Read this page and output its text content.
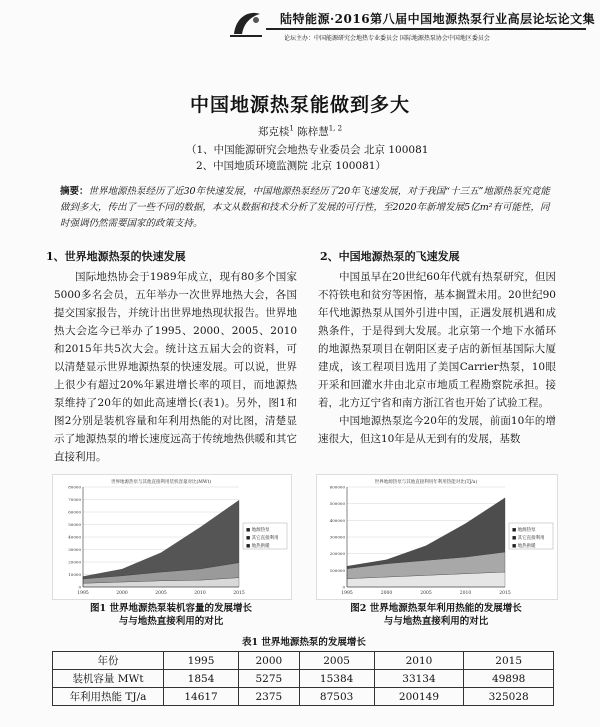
陆特能源·2016第八届中国地源热泵行业高层论坛论文集
论坛主办：中国能源研究会地热专业委员会 国际地源热泵协会中国地区委员会
中国地源热泵能做到多大
郑克棪$^1$ 陈梓慧$^{1, 2}$
（1、中国能源研究会地热专业委员会 北京 100081
2、中国地质环境监测院 北京 100081）
摘要：世界地源热泵经历了近30年快速发展，中国地源热泵经历了20年飞速发展，对于我国“十三五”地源热泵究竟能做到多大，传出了一些不同的数据，本文从数据和技术分析了发展的可行性，至2020年新增发展5亿m²有可能性，同时强调仍然需要国家的政策支持。
1、世界地源热泵的快速发展

国际地热协会于1989年成立，现有80多个国家5000多名会员，五年举办一次世界地热大会，各国提交国家报告，并统计出世界地热现状报告。世界地热大会迄今已举办了1995、2000、2005、2010和2015年共5次大会。统计这五届大会的资料，可以清楚显示世界地源热泵的快速发展。可以说，世界上很少有超过20%年累进增长率的项目，而地源热泵维持了20年的如此高速增长(表1)。另外，图1和图2分别是装机容量和年利用热能的对比图，清楚显示了地源热泵的增长速度远高于传统地热供暖和其它直接利用。

2、中国地源热泵的飞速发展

中国虽早在20世纪60年代就有热泵研究，但因不符铁电和贫穷等困惰，基本搁置未用。20世纪90年代地源热泵从国外引进中国，正遇发展机遇和成熟条件，于是得到大发展。北京第一个地下水循环的地源热泵项目在朝阳区麦子店的新恒基国际大厦建成，该工程项目选用了美国Carrier热泵，10眼开采和回灌水井由北京市地质工程勘察院承担。接着，北方辽宁省和南方浙江省也开始了试验工程。

中国地源热泵迄今20年的发展，前面10年的增速很大，但这10年是从无到有的发展，基数

世界地源热泵与其他直接利用装机容量对比(MWt)
0
10000
20000
30000
40000
50000
60000
70000
80000
1995	2000	2005	2010	2015
■ 地源热泵
■ 其它直接利用
■ 地热供暖
图1 世界地源热泵装机容量的发展增长
与与地热直接利用的对比
世界地源热泵与其他直接利用年利用热能对比(TJ/a)
0
100000
200000
300000
400000
500000
600000
1995	2000	2005	2010	2015
■ 地源热泵
■ 其它直接利用
■ 地热供暖
图2 世界地源热泵年利用热能的发展增长
与与地热直接利用的对比
表1 世界地源热泵的发展增长
年份	1995	2000	2005	2010	2015
装机容量 MWt	1854	5275	15384	33134	49898
年利用热能 TJ/a	14617	2375	87503	200149	325028
